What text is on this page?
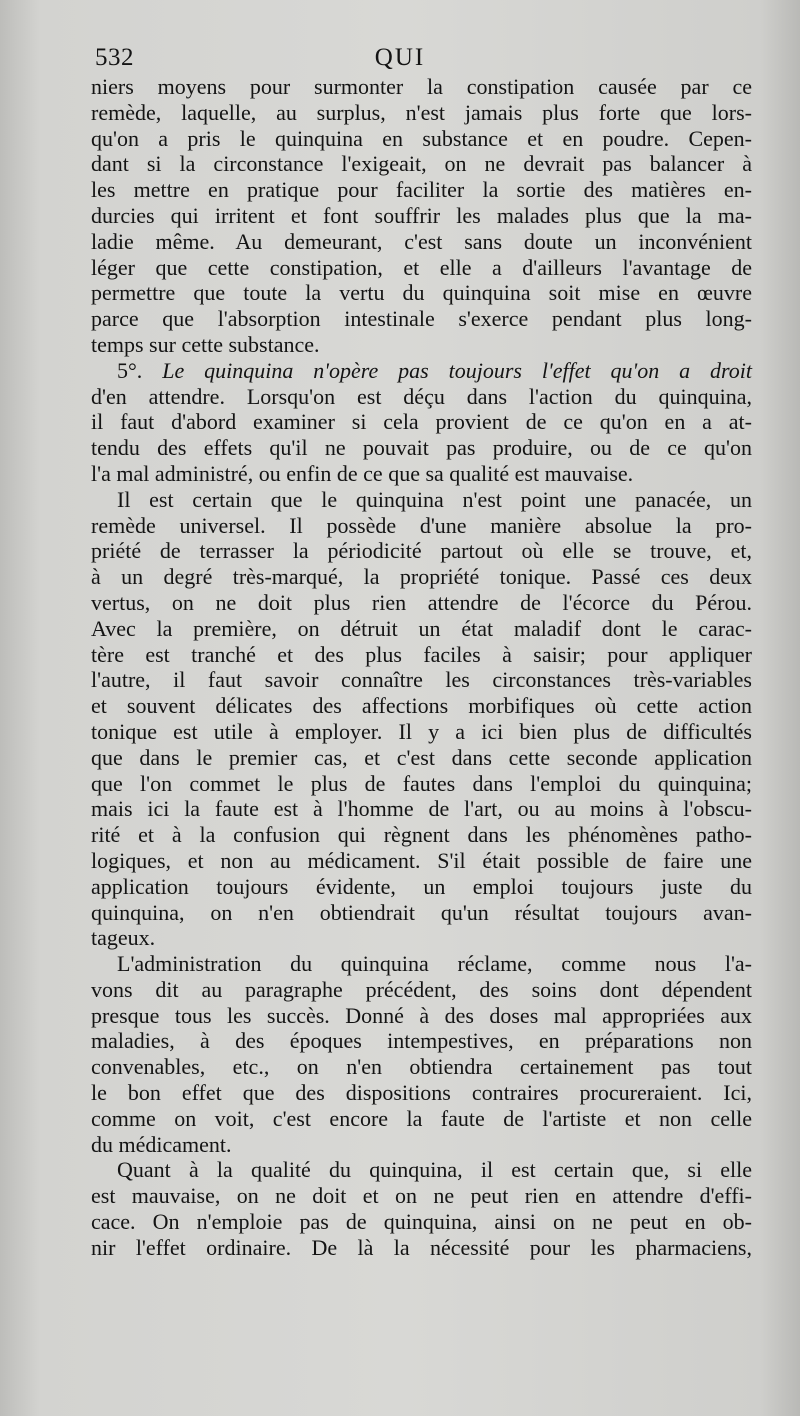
532	QUI

niers moyens pour surmonter la constipation causée par ce
remède, laquelle, au surplus, n'est jamais plus forte que lors-
qu'on a pris le quinquina en substance et en poudre. Cepen-
dant si la circonstance l'exigeait, on ne devrait pas balancer à
les mettre en pratique pour faciliter la sortie des matières en-
durcies qui irritent et font souffrir les malades plus que la ma-
ladie même. Au demeurant, c'est sans doute un inconvénient
léger que cette constipation, et elle a d'ailleurs l'avantage de
permettre que toute la vertu du quinquina soit mise en œuvre
parce que l'absorption intestinale s'exerce pendant plus long-
temps sur cette substance.

5°. Le quinquina n'opère pas toujours l'effet qu'on a droit
d'en attendre. Lorsqu'on est déçu dans l'action du quinquina,
il faut d'abord examiner si cela provient de ce qu'on en a at-
tendu des effets qu'il ne pouvait pas produire, ou de ce qu'on
l'a mal administré, ou enfin de ce que sa qualité est mauvaise.

Il est certain que le quinquina n'est point une panacée, un
remède universel. Il possède d'une manière absolue la pro-
priété de terrasser la périodicité partout où elle se trouve, et,
à un degré très-marqué, la propriété tonique. Passé ces deux
vertus, on ne doit plus rien attendre de l'écorce du Pérou.
Avec la première, on détruit un état maladif dont le carac-
tère est tranché et des plus faciles à saisir; pour appliquer
l'autre, il faut savoir connaître les circonstances très-variables
et souvent délicates des affections morbifiques où cette action
tonique est utile à employer. Il y a ici bien plus de difficultés
que dans le premier cas, et c'est dans cette seconde application
que l'on commet le plus de fautes dans l'emploi du quinquina;
mais ici la faute est à l'homme de l'art, ou au moins à l'obscu-
rité et à la confusion qui règnent dans les phénomènes patho-
logiques, et non au médicament. S'il était possible de faire une
application toujours évidente, un emploi toujours juste du
quinquina, on n'en obtiendrait qu'un résultat toujours avan-
tageux.

L'administration du quinquina réclame, comme nous l'a-
vons dit au paragraphe précédent, des soins dont dépendent
presque tous les succès. Donné à des doses mal appropriées aux
maladies, à des époques intempestives, en préparations non
convenables, etc., on n'en obtiendra certainement pas tout
le bon effet que des dispositions contraires procureraient. Ici,
comme on voit, c'est encore la faute de l'artiste et non celle
du médicament.

Quant à la qualité du quinquina, il est certain que, si elle
est mauvaise, on ne doit et on ne peut rien en attendre d'effi-
cace. On n'emploie pas de quinquina, ainsi on ne peut en ob-
nir l'effet ordinaire. De là la nécessité pour les pharmaciens,
